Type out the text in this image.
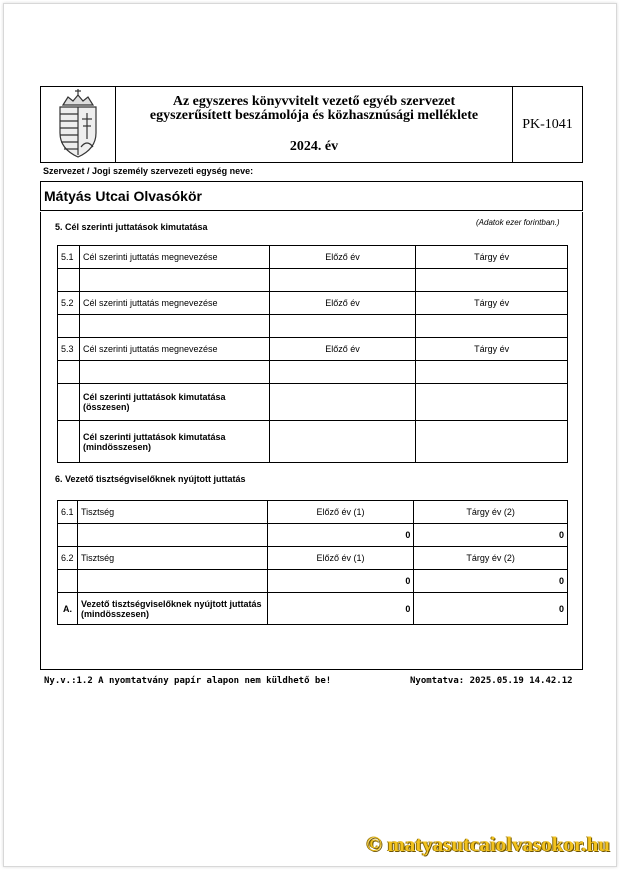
Az egyszeres könyvvitelt vezető egyéb szervezet
egyszerűsített beszámolója és közhasznúsági melléklete
2024. év
PK-1041
Szervezet / Jogi személy szervezeti egység neve:
Mátyás Utcai Olvasókör
5. Cél szerinti juttatások kimutatása	(Adatok ezer forintban.)
5.1	Cél szerinti juttatás megnevezése	Előző év	Tárgy év

5.2	Cél szerinti juttatás megnevezése	Előző év	Tárgy év

5.3	Cél szerinti juttatás megnevezése	Előző év	Tárgy év

	Cél szerinti juttatások kimutatása (összesen)		
	Cél szerinti juttatások kimutatása (mindösszesen)		
6. Vezető tisztségviselőknek nyújtott juttatás
6.1	Tisztség	Előző év (1)	Tárgy év (2)
		0	0
6.2	Tisztség	Előző év (1)	Tárgy év (2)
		0	0
A.	Vezető tisztségviselőknek nyújtott juttatás (mindösszesen)	0	0
Ny.v.:1.2 A nyomtatvány papír alapon nem küldhető be!	Nyomtatva: 2025.05.19 14.42.12
© matyasutcaiolvasokor.hu
